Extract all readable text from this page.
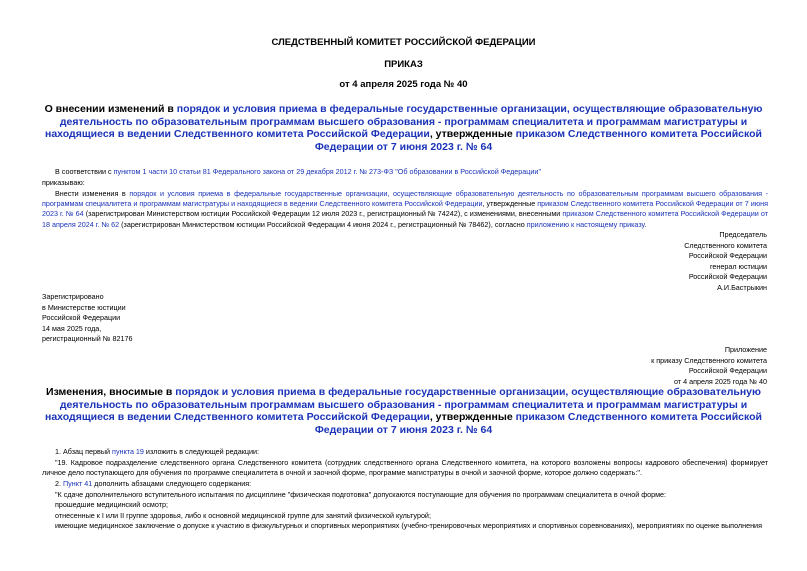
СЛЕДСТВЕННЫЙ КОМИТЕТ РОССИЙСКОЙ ФЕДЕРАЦИИ
ПРИКАЗ
от 4 апреля 2025 года № 40
О внесении изменений в порядок и условия приема в федеральные государственные организации, осуществляющие образовательную деятельность по образовательным программам высшего образования - программам специалитета и программам магистратуры и находящиеся в ведении Следственного комитета Российской Федерации, утвержденные приказом Следственного комитета Российской Федерации от 7 июня 2023 г. № 64
В соответствии с пунктом 1 части 10 статьи 81 Федерального закона от 29 декабря 2012 г. № 273-ФЗ "Об образовании в Российской Федерации"
приказываю:
Внести изменения в порядок и условия приема в федеральные государственные организации, осуществляющие образовательную деятельность по образовательным программам высшего образования - программам специалитета и программам магистратуры и находящиеся в ведении Следственного комитета Российской Федерации, утвержденные приказом Следственного комитета Российской Федерации от 7 июня 2023 г. № 64 (зарегистрирован Министерством юстиции Российской Федерации 12 июля 2023 г., регистрационный № 74242), с изменениями, внесенными приказом Следственного комитета Российской Федерации от 18 апреля 2024 г. № 62 (зарегистрирован Министерством юстиции Российской Федерации 4 июня 2024 г., регистрационный № 78462), согласно приложению к настоящему приказу.
Председатель
Следственного комитета
Российской Федерации
генерал юстиции
Российской Федерации
А.И.Бастрыкин
Зарегистрировано
в Министерстве юстиции
Российской Федерации
14 мая 2025 года,
регистрационный № 82176
Приложение
к приказу Следственного комитета
Российской Федерации
от 4 апреля 2025 года № 40
Изменения, вносимые в порядок и условия приема в федеральные государственные организации, осуществляющие образовательную деятельность по образовательным программам высшего образования - программам специалитета и программам магистратуры и находящиеся в ведении Следственного комитета Российской Федерации, утвержденные приказом Следственного комитета Российской Федерации от 7 июня 2023 г. № 64
1. Абзац первый пункта 19 изложить в следующей редакции:
"19. Кадровое подразделение следственного органа Следственного комитета (сотрудник следственного органа Следственного комитета, на которого возложены вопросы кадрового обеспечения) формирует личное дело поступающего для обучения по программе специалитета в очной и заочной форме, программе магистратуры в очной и заочной форме, которое должно содержать:".
2. Пункт 41 дополнить абзацами следующего содержания:
"К сдаче дополнительного вступительного испытания по дисциплине "физическая подготовка" допускаются поступающие для обучения по программам специалитета в очной форме:
прошедшие медицинский осмотр;
отнесенные к I или II группе здоровья, либо к основной медицинской группе для занятий физической культурой;
имеющие медицинское заключение о допуске к участию в физкультурных и спортивных мероприятиях (учебно-тренировочных мероприятиях и спортивных соревнованиях), мероприятиях по оценке выполнения
